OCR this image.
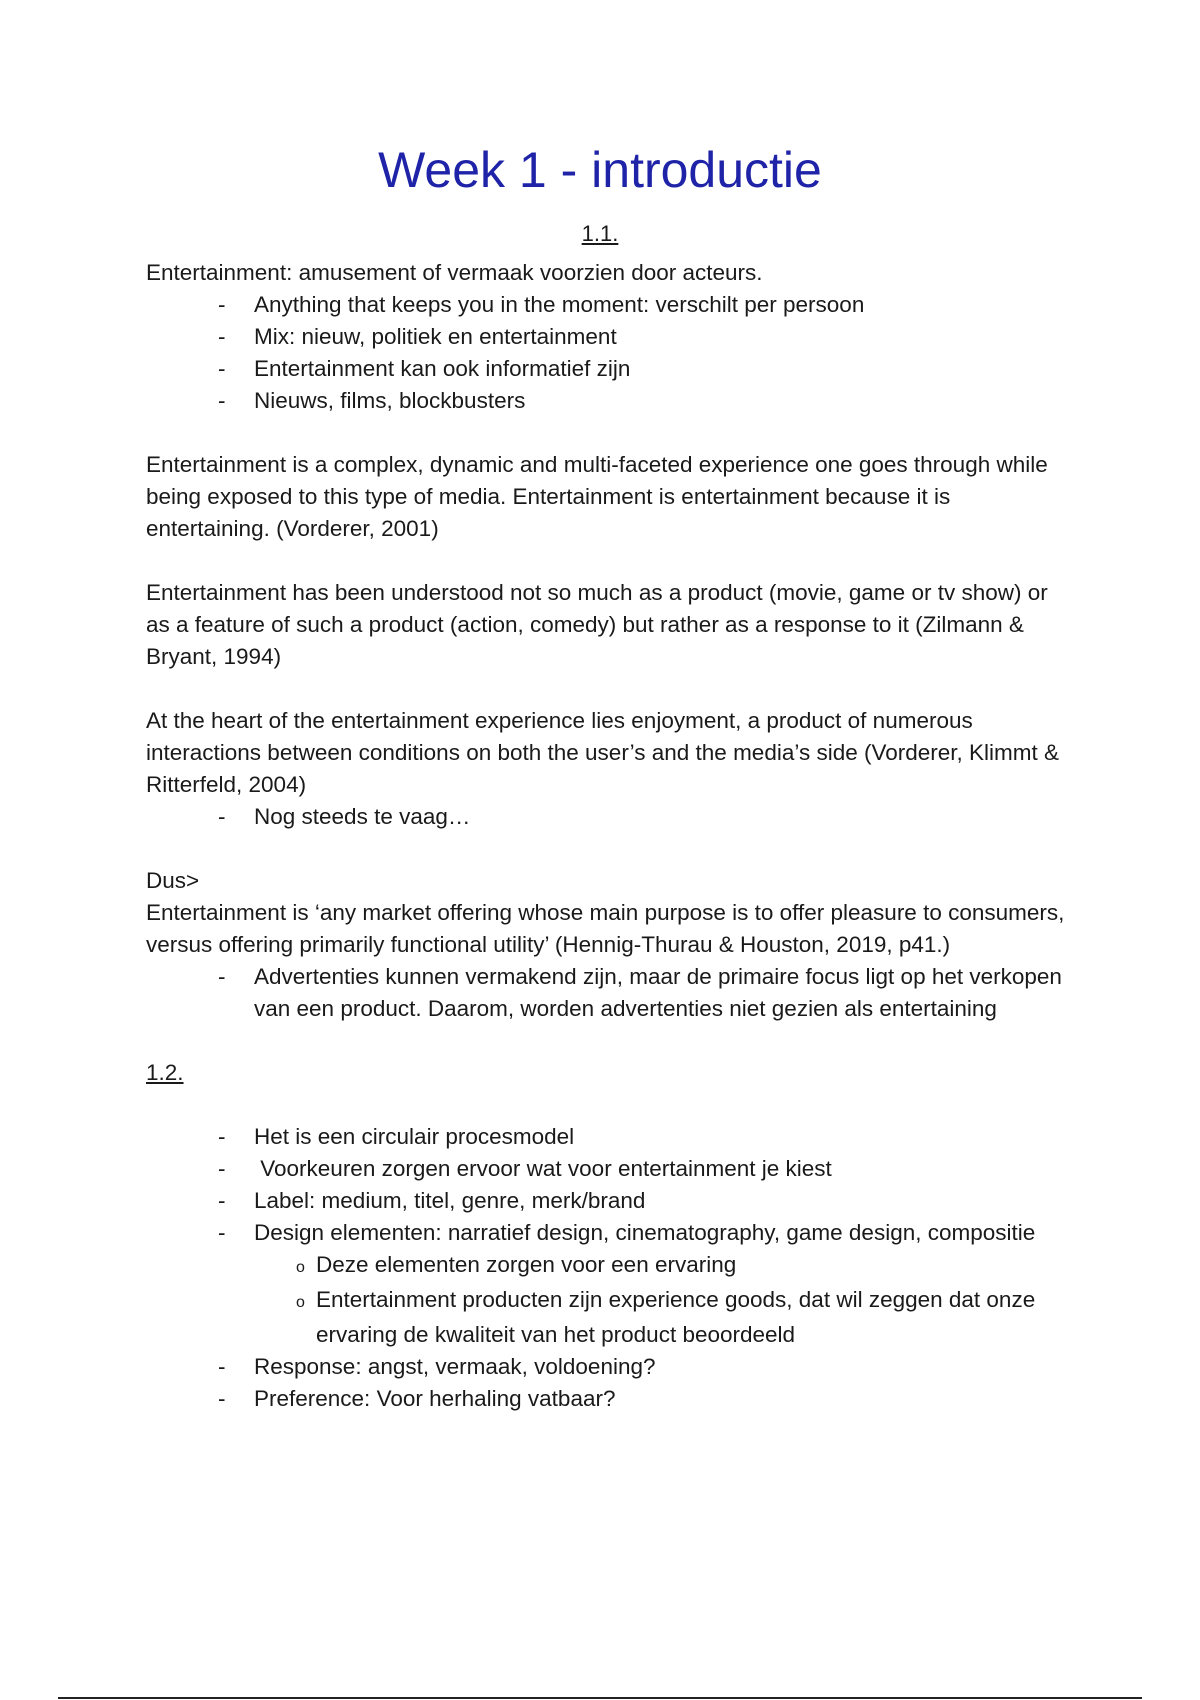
Week 1 - introductie
1.1.

Entertainment: amusement of vermaak voorzien door acteurs.

- Anything that keeps you in the moment: verschilt per persoon
- Mix: nieuw, politiek en entertainment
- Entertainment kan ook informatief zijn
- Nieuws, films, blockbusters

Entertainment is a complex, dynamic and multi-faceted experience one goes through while being exposed to this type of media. Entertainment is entertainment because it is entertaining. (Vorderer, 2001)

Entertainment has been understood not so much as a product (movie, game or tv show) or as a feature of such a product (action, comedy) but rather as a response to it (Zilmann & Bryant, 1994)

At the heart of the entertainment experience lies enjoyment, a product of numerous interactions between conditions on both the user’s and the media’s side (Vorderer, Klimmt & Ritterfeld, 2004)

- Nog steeds te vaag…

Dus>

Entertainment is ‘any market offering whose main purpose is to offer pleasure to consumers, versus offering primarily functional utility’ (Hennig-Thurau & Houston, 2019, p41.)

- Advertenties kunnen vermakend zijn, maar de primaire focus ligt op het verkopen van een product. Daarom, worden advertenties niet gezien als entertaining

1.2.

- Het is een circulair procesmodel
-  Voorkeuren zorgen ervoor wat voor entertainment je kiest
- Label: medium, titel, genre, merk/brand
- Design elementen: narratief design, cinematography, game design, compositie
o Deze elementen zorgen voor een ervaring
o Entertainment producten zijn experience goods, dat wil zeggen dat onze ervaring de kwaliteit van het product beoordeeld
- Response: angst, vermaak, voldoening?
- Preference: Voor herhaling vatbaar?
